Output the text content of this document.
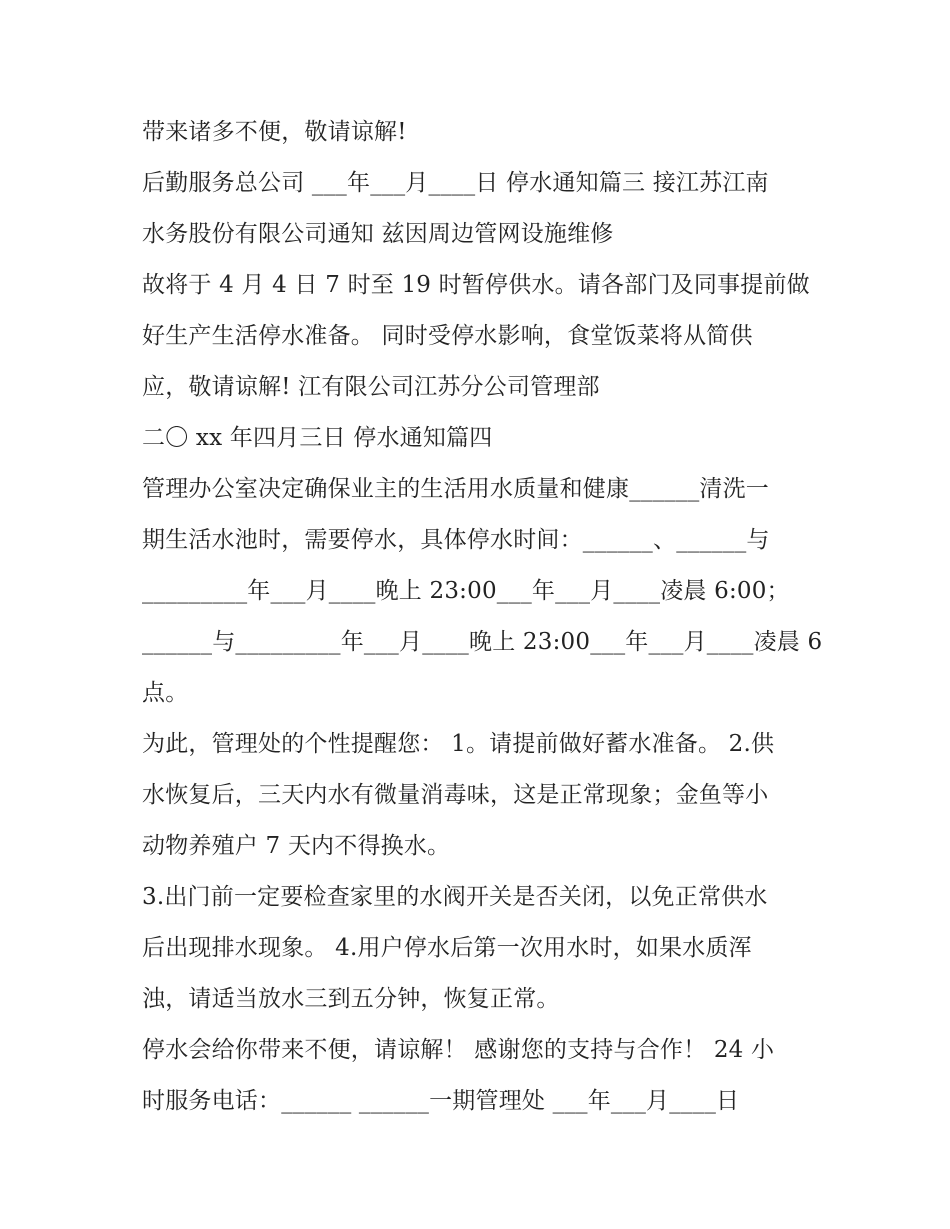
带来诸多不便，敬请谅解!
后勤服务总公司 ___年___月____日 停水通知篇三 接江苏江南
水务股份有限公司通知 兹因周边管网设施维修
故将于 4 月 4 日 7 时至 19 时暂停供水。请各部门及同事提前做
好生产生活停水准备。 同时受停水影响，食堂饭菜将从简供
应，敬请谅解! 江有限公司江苏分公司管理部
二〇 xx 年四月三日 停水通知篇四
管理办公室决定确保业主的生活用水质量和健康______清洗一
期生活水池时，需要停水，具体停水时间：______、______与
_________年___月____晚上 23:00___年___月____凌晨 6:00；
______与_________年___月____晚上 23:00___年___月____凌晨 6
点。
为此，管理处的个性提醒您： 1。请提前做好蓄水准备。 2.供
水恢复后，三天内水有微量消毒味，这是正常现象；金鱼等小
动物养殖户 7 天内不得换水。
3.出门前一定要检查家里的水阀开关是否关闭，以免正常供水
后出现排水现象。 4.用户停水后第一次用水时，如果水质浑
浊，请适当放水三到五分钟，恢复正常。
停水会给你带来不便，请谅解！ 感谢您的支持与合作！ 24 小
时服务电话：______ ______一期管理处 ___年___月____日
